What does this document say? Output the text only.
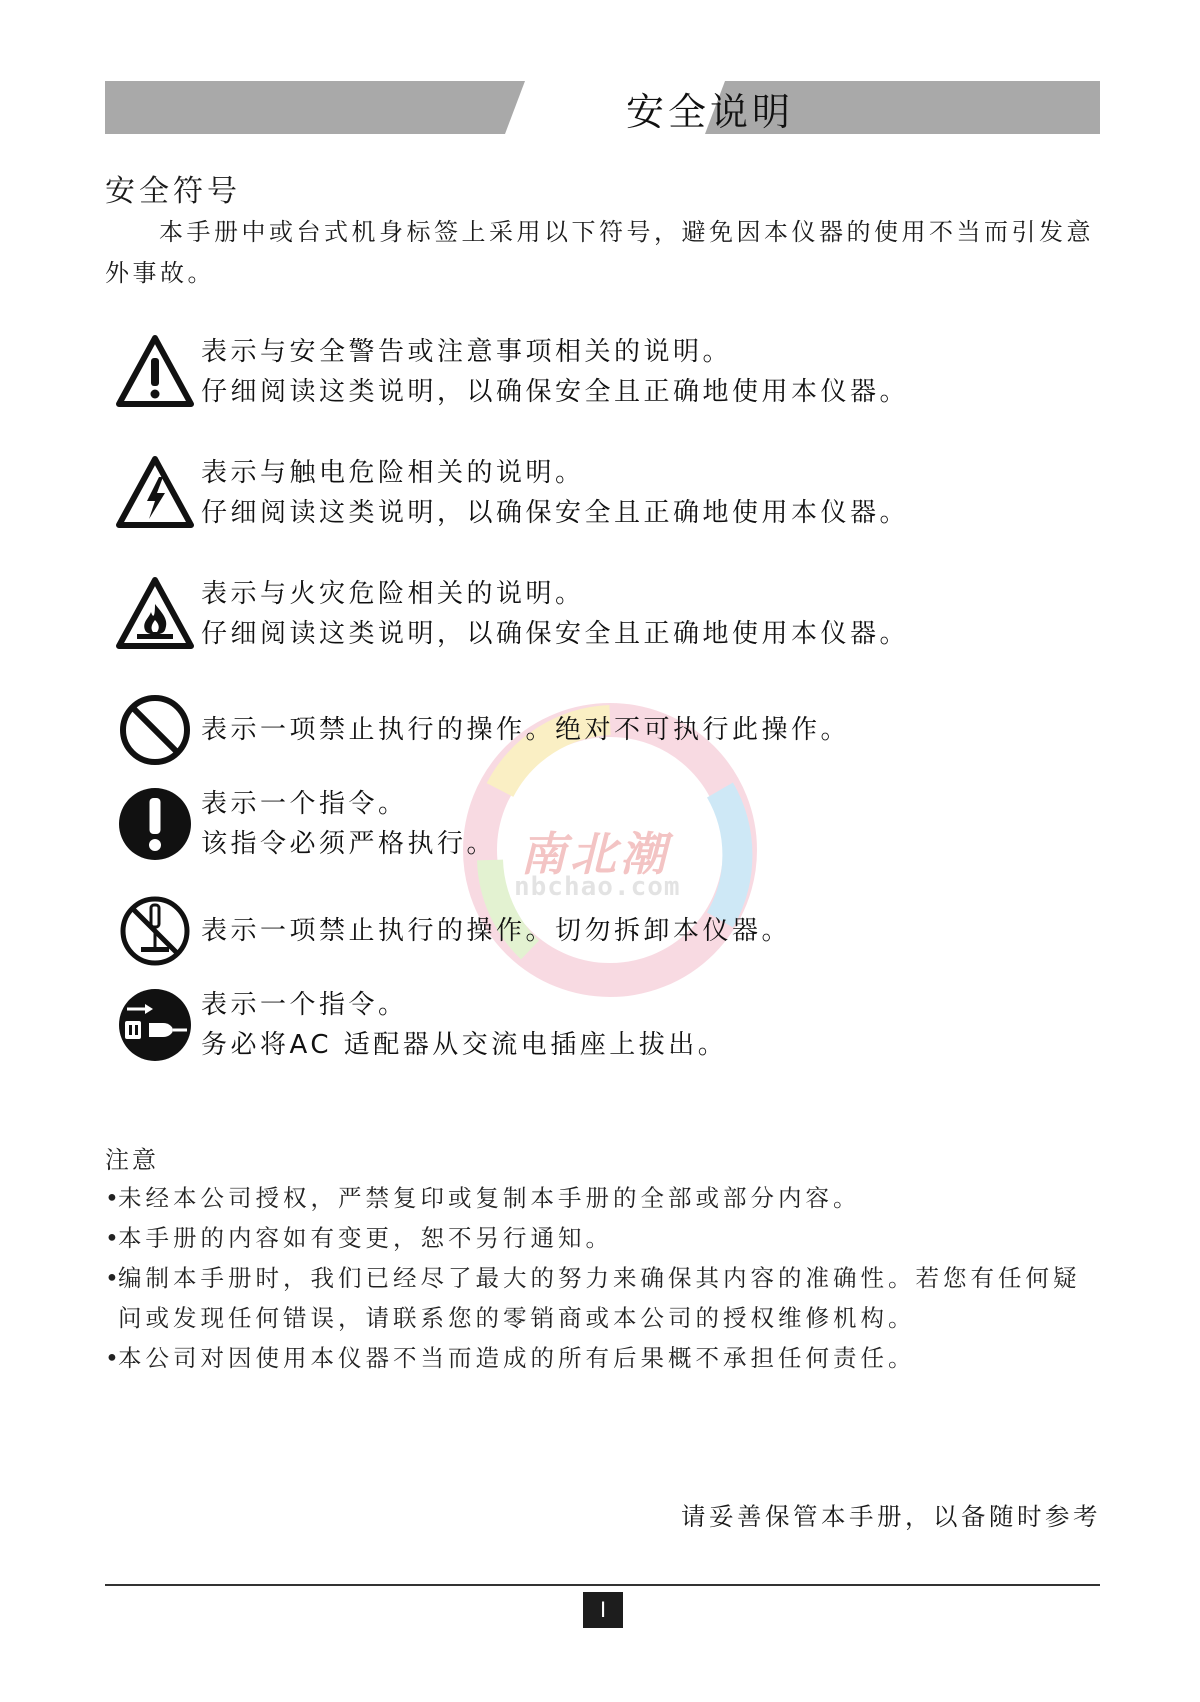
安全说明
南北潮
nbchao.com
安全符号
本手册中或台式机身标签上采用以下符号，避免因本仪器的使用不当而引发意外事故。
表示与安全警告或注意事项相关的说明。
仔细阅读这类说明，以确保安全且正确地使用本仪器。
表示与触电危险相关的说明。
仔细阅读这类说明，以确保安全且正确地使用本仪器。
表示与火灾危险相关的说明。
仔细阅读这类说明，以确保安全且正确地使用本仪器。
表示一项禁止执行的操作。绝对不可执行此操作。
表示一个指令。
该指令必须严格执行。
表示一项禁止执行的操作。切勿拆卸本仪器。
表示一个指令。
务必将AC 适配器从交流电插座上拔出。
注意
•
未经本公司授权，严禁复印或复制本手册的全部或部分内容。
•
本手册的内容如有变更，恕不另行通知。
•
编制本手册时，我们已经尽了最大的努力来确保其内容的准确性。若您有任何疑问或发现任何错误，请联系您的零销商或本公司的授权维修机构。
•
本公司对因使用本仪器不当而造成的所有后果概不承担任何责任。
请妥善保管本手册，以备随时参考
I
